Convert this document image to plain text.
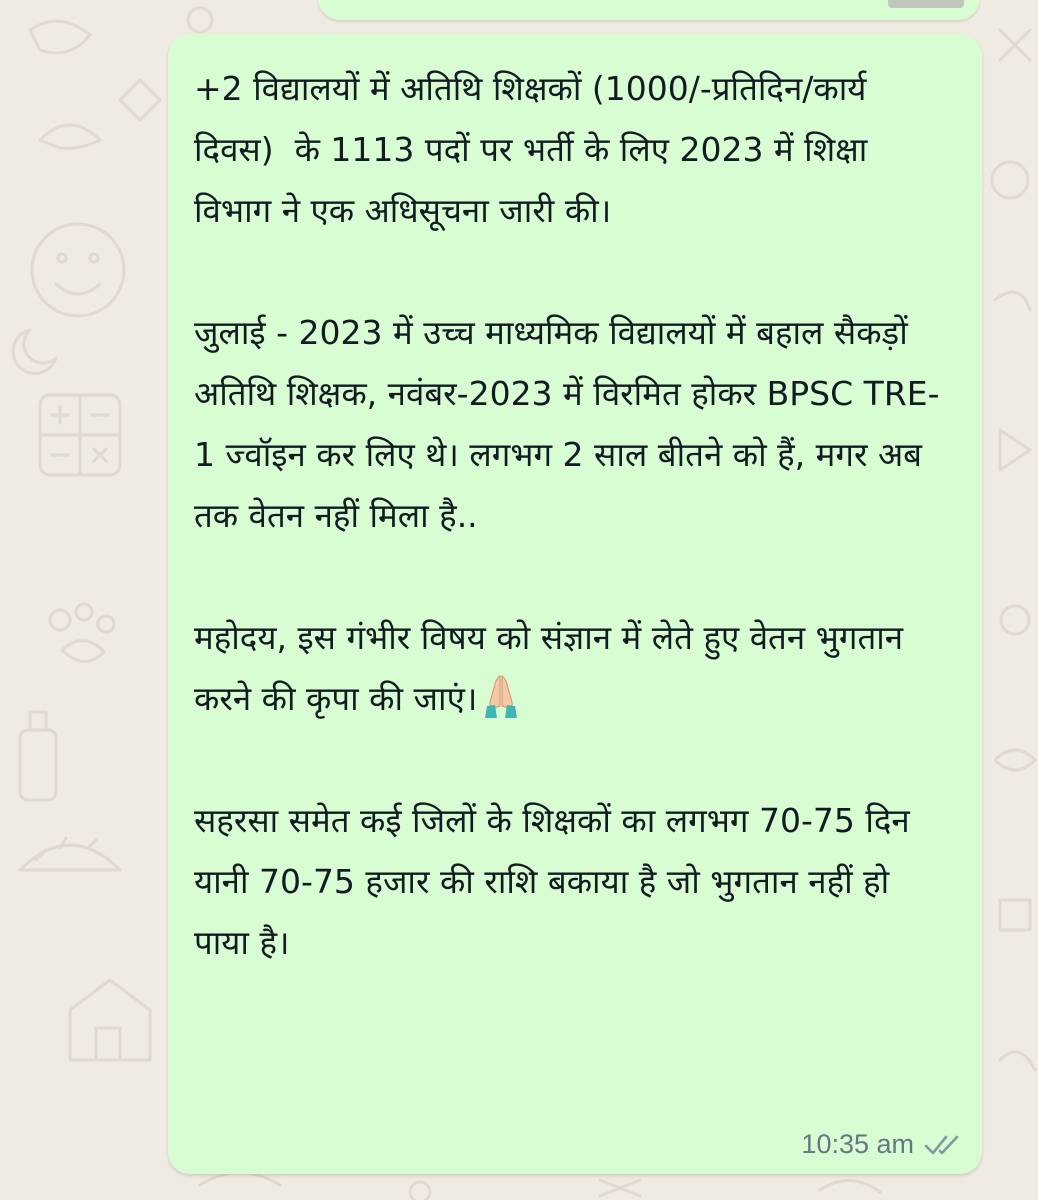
+2 विद्यालयों में अतिथि शिक्षकों (1000/-प्रतिदिन/कार्य दिवस)  के 1113 पदों पर भर्ती के लिए 2023 में शिक्षा विभाग ने एक अधिसूचना जारी की।

जुलाई - 2023 में उच्च माध्यमिक विद्यालयों में बहाल सैकड़ों अतिथि शिक्षक, नवंबर-2023 में विरमित होकर BPSC TRE-1 ज्वॉइन कर लिए थे। लगभग 2 साल बीतने को हैं, मगर अब तक वेतन नहीं मिला है..

महोदय, इस गंभीर विषय को संज्ञान में लेते हुए वेतन भुगतान करने की कृपा की जाएं।

सहरसा समेत कई जिलों के शिक्षकों का लगभग 70-75 दिन यानी 70-75 हजार की राशि बकाया है जो भुगतान नहीं हो पाया है।

10:35 am
